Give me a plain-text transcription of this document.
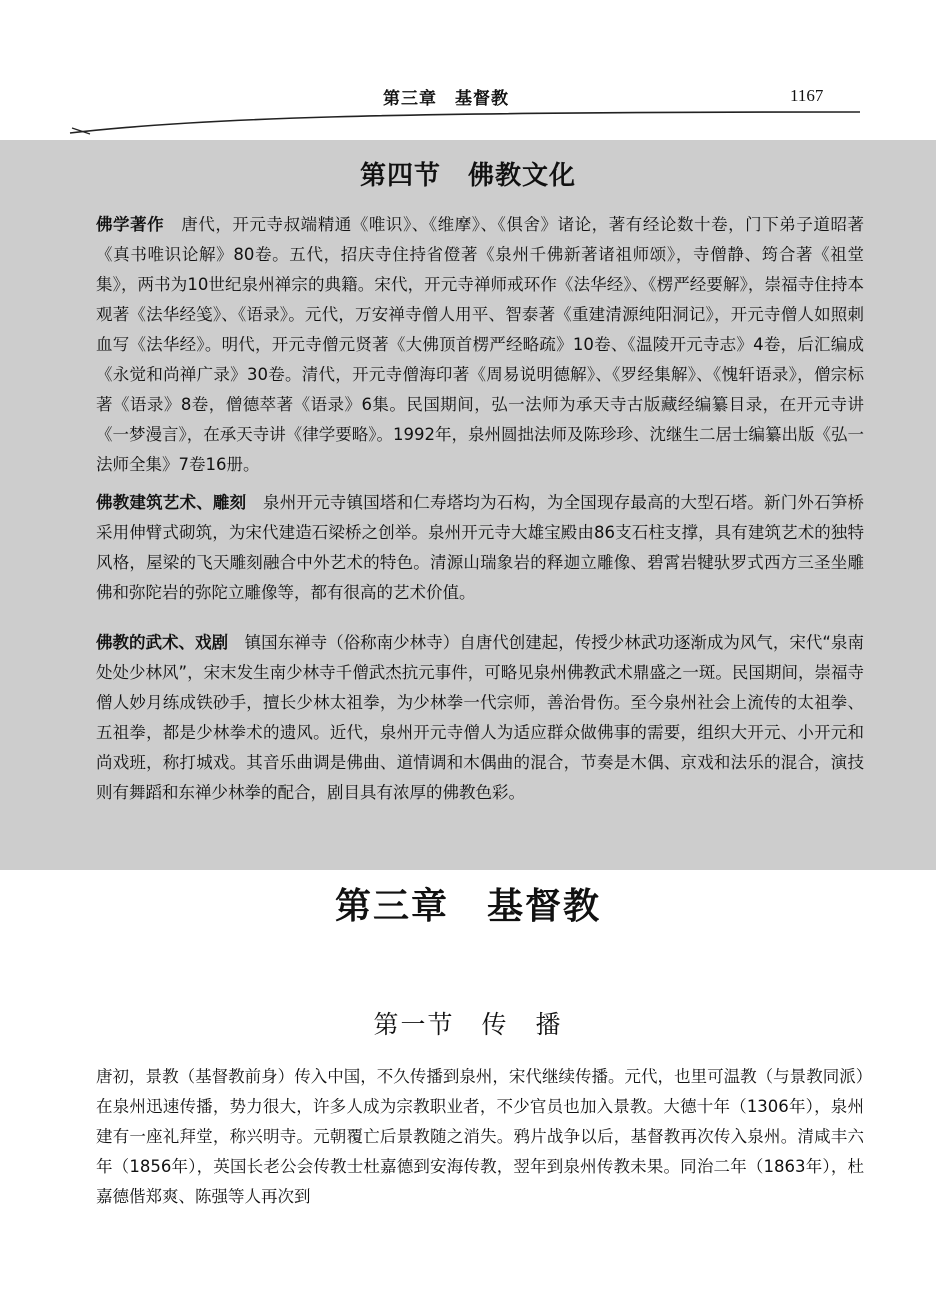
第三章　基督教	1167
第四节　佛教文化

佛学著作　唐代，开元寺叔端精通《唯识》、《维摩》、《俱舍》诸论，著有经论数十卷，门下弟子道昭著《真书唯识论解》80卷。五代，招庆寺住持省僜著《泉州千佛新著诸祖师颂》，寺僧静、筠合著《祖堂集》，两书为10世纪泉州禅宗的典籍。宋代，开元寺禅师戒环作《法华经》、《楞严经要解》，崇福寺住持本观著《法华经笺》、《语录》。元代，万安禅寺僧人用平、智泰著《重建清源纯阳洞记》，开元寺僧人如照刺血写《法华经》。明代，开元寺僧元贤著《大佛顶首楞严经略疏》10卷、《温陵开元寺志》4卷，后汇编成《永觉和尚禅广录》30卷。清代，开元寺僧海印著《周易说明德解》、《罗经集解》、《愧轩语录》，僧宗标著《语录》8卷，僧德萃著《语录》6集。民国期间，弘一法师为承天寺古版藏经编纂目录，在开元寺讲《一梦漫言》，在承天寺讲《律学要略》。1992年，泉州圆拙法师及陈珍珍、沈继生二居士编纂出版《弘一法师全集》7卷16册。

佛教建筑艺术、雕刻　泉州开元寺镇国塔和仁寿塔均为石构，为全国现存最高的大型石塔。新门外石笋桥采用伸臂式砌筑，为宋代建造石梁桥之创举。泉州开元寺大雄宝殿由86支石柱支撑，具有建筑艺术的独特风格，屋梁的飞天雕刻融合中外艺术的特色。清源山瑞象岩的释迦立雕像、碧霄岩犍驮罗式西方三圣坐雕佛和弥陀岩的弥陀立雕像等，都有很高的艺术价值。

佛教的武术、戏剧　镇国东禅寺（俗称南少林寺）自唐代创建起，传授少林武功逐渐成为风气，宋代“泉南处处少林风”，宋末发生南少林寺千僧武杰抗元事件，可略见泉州佛教武术鼎盛之一斑。民国期间，崇福寺僧人妙月练成铁砂手，擅长少林太祖拳，为少林拳一代宗师，善治骨伤。至今泉州社会上流传的太祖拳、五祖拳，都是少林拳术的遗风。近代，泉州开元寺僧人为适应群众做佛事的需要，组织大开元、小开元和尚戏班，称打城戏。其音乐曲调是佛曲、道情调和木偶曲的混合，节奏是木偶、京戏和法乐的混合，演技则有舞蹈和东禅少林拳的配合，剧目具有浓厚的佛教色彩。

第三章　基督教
第一节　传　播

唐初，景教（基督教前身）传入中国，不久传播到泉州，宋代继续传播。元代，也里可温教（与景教同派）在泉州迅速传播，势力很大，许多人成为宗教职业者，不少官员也加入景教。大德十年（1306年），泉州建有一座礼拜堂，称兴明寺。元朝覆亡后景教随之消失。鸦片战争以后，基督教再次传入泉州。清咸丰六年（1856年），英国长老公会传教士杜嘉德到安海传教，翌年到泉州传教未果。同治二年（1863年），杜嘉德偕郑爽、陈强等人再次到
